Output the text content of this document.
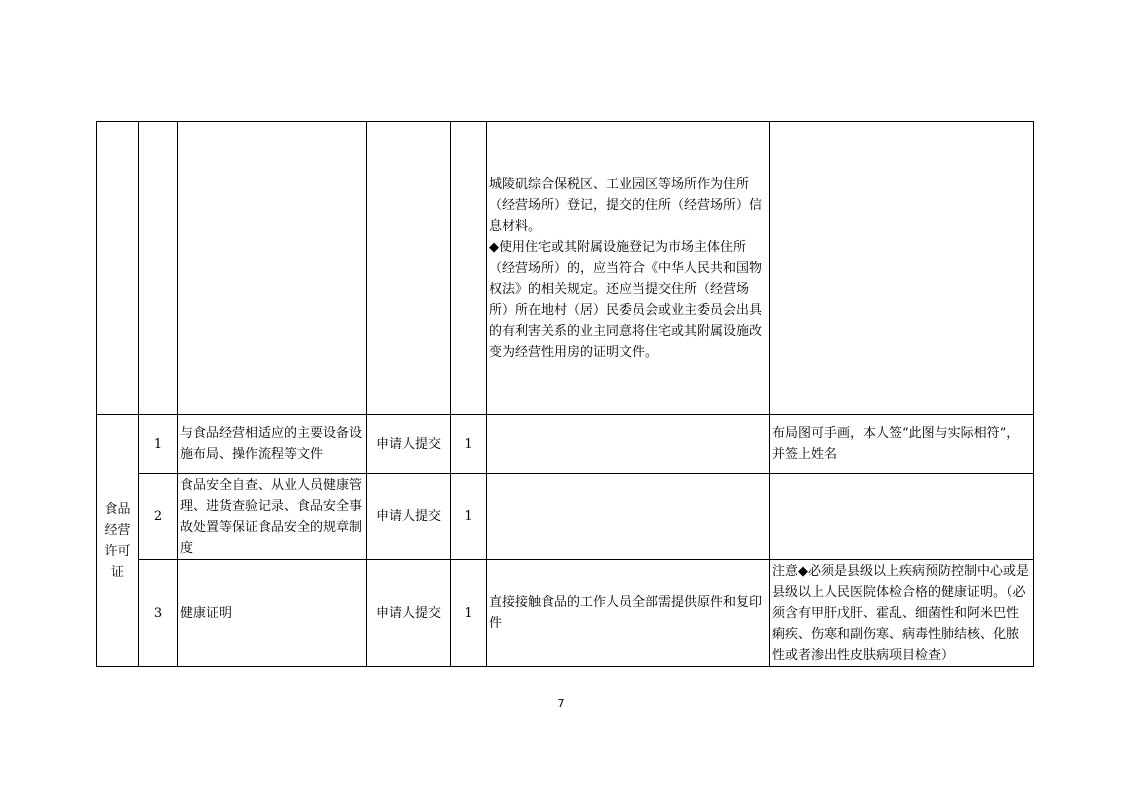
					城陵矶综合保税区、工业园区等场所作为住所（经营场所）登记，提交的住所（经营场所）信息材料。
◆使用住宅或其附属设施登记为市场主体住所（经营场所）的，应当符合《中华人民共和国物权法》的相关规定。还应当提交住所（经营场所）所在地村（居）民委员会或业主委员会出具的有利害关系的业主同意将住宅或其附属设施改变为经营性用房的证明文件。	
食品经营许可证	1	与食品经营相适应的主要设备设施布局、操作流程等文件	申请人提交	1		布局图可手画，本人签“此图与实际相符”，并签上姓名
	2	食品安全自查、从业人员健康管理、进货查验记录、食品安全事故处置等保证食品安全的规章制度	申请人提交	1		
	3	健康证明	申请人提交	1	直接接触食品的工作人员全部需提供原件和复印件	注意◆必须是县级以上疾病预防控制中心或是县级以上人民医院体检合格的健康证明。（必须含有甲肝戊肝、霍乱、细菌性和阿米巴性痢疾、伤寒和副伤寒、病毒性肺结核、化脓性或者渗出性皮肤病项目检查）
7
